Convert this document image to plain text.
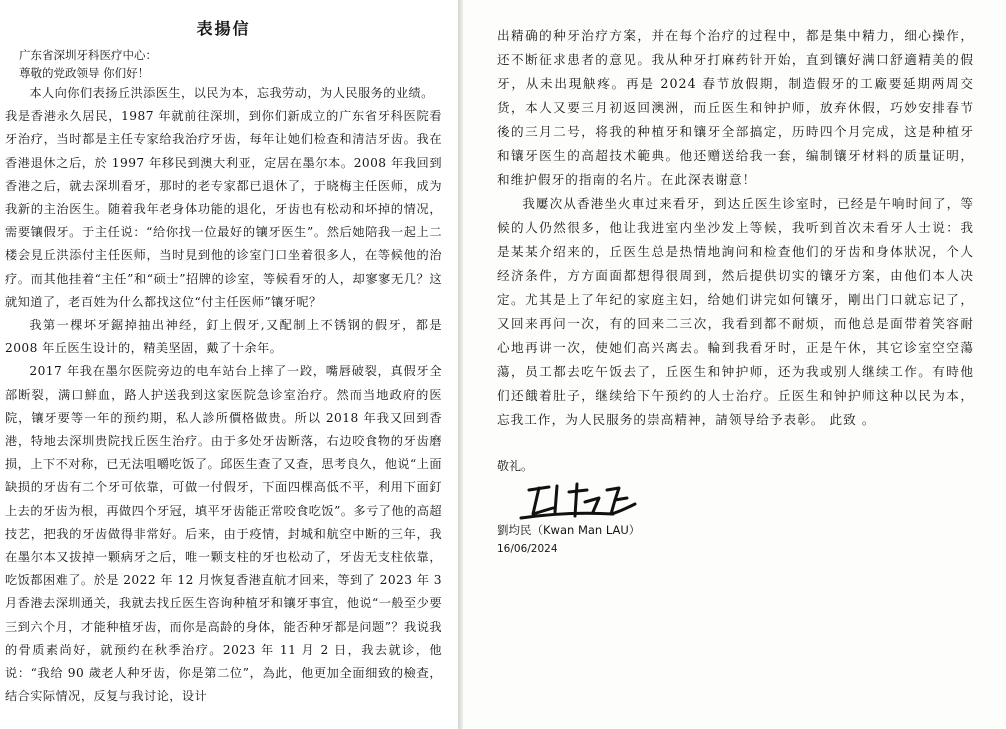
表揚信
广东省深圳牙科医疗中心：
尊敬的党政领导 你们好！

本人向你们表扬丘洪添医生，以民为本，忘我劳动，为人民服务的业绩。

我是香港永久居民，1987 年就前往深圳，到你们新成立的广东省牙科医院看牙治疗，当时都是主任专家给我治疗牙齿，每年让她们检查和清洁牙齿。我在香港退休之后，於 1997 年移民到澳大利亚，定居在墨尔本。2008 年我回到香港之后，就去深圳看牙，那时的老专家都已退休了，于晓梅主任医师，成为我新的主治医生。随着我年老身体功能的退化，牙齿也有松动和坏掉的情况，需要镶假牙。于主任说：“给你找一位最好的镶牙医生”。然后她陪我一起上二楼会見丘洪添付主任医师，当时見到他的诊室门口坐着很多人，在等候他的治疗。而其他挂着“主任”和“硕士”招牌的诊室，等候看牙的人，却寥寥无几？这就知道了，老百姓为什么都找这位“付主任医师”镶牙呢？

我第一棵坏牙鋸掉抽出神经，釘上假牙,又配制上不锈钢的假牙，都是 2008 年丘医生设计的，精美坚固，戴了十余年。

2017 年我在墨尔医院旁边的电车站台上摔了一跤，嘴唇破裂，真假牙全部断裂，满口鮮血，路人护送我到这家医院急诊室治疗。然而当地政府的医院，镶牙要等一年的预约期，私人診所價格做贵。所以 2018 年我又回到香港，特地去深圳贵院找丘医生治疗。由于多处牙齿断落，右边咬食物的牙齿磨损，上下不对称，已无法咀嚼吃饭了。邱医生查了又查，思考良久，他说“上面缺损的牙齿有二个牙可依靠，可做一付假牙，下面四棵高低不平，利用下面釘上去的牙齿为根，再做四个牙冠，填平牙齿能正常咬食吃饭”。多亏了他的高超技艺，把我的牙齿做得非常好。后来，由于疫情，封城和航空中断的三年，我在墨尔本又拔掉一颗病牙之后，唯一颗支柱的牙也松动了，牙齿无支柱依靠，吃饭都困难了。於是 2022 年 12 月恢复香港直航才回来，等到了 2023 年 3 月香港去深圳通关，我就去找丘医生咨询种植牙和镶牙事宜，他说“一般至少要三到六个月，才能种植牙齿，而你是高龄的身体，能否种牙都是问题”？我说我的骨质素尚好，就预约在秋季治疗。2023 年 11 月 2 日，我去就诊，他说：“我给 90 歲老人种牙齿，你是第二位”，為此，他更加全面细致的檢查，结合实际情况，反复与我讨论，设计

出精确的种牙治疗方案，并在每个治疗的过程中，都是集中精力，细心操作，还不断征求患者的意见。我从种牙打麻药针开始，直到镶好满口舒適精美的假牙，从未出現觖疼。再是 2024 春节放假期，制造假牙的工廠要延期两周交货，本人又要三月初返回澳洲，而丘医生和钟护师，放弃休假，巧妙安排春节後的三月二号，将我的种植牙和镶牙全部搞定，历時四个月完成，这是种植牙和镶牙医生的高超技术範典。他还赠送给我一套，编制镶牙材料的质量证明，和维护假牙的指南的名片。在此深表谢意！

我屢次从香港坐火車过来看牙，到达丘医生诊室时，已经是午响时间了，等候的人仍然很多，他让我进室内坐沙发上等候，我听到首次未看牙人士说：我是某某介绍来的，丘医生总是热情地詢问和检查他们的牙齿和身体狀况，个人经济条件，方方面面都想得很周到，然后提供切实的镶牙方案，由他们本人决定。尤其是上了年纪的家庭主妇，给她们讲完如何镶牙，剛出门口就忘记了，又回来再问一次，有的回来二三次，我看到都不耐烦，而他总是面带着笑容耐心地再讲一次，使她们高兴离去。輪到我看牙时，正是午休，其它诊室空空蕩蕩，员工都去吃午饭去了，丘医生和钟护师，还为我或别人继续工作。有時他们还餓着肚子，继续给下午预约的人士治疗。丘医生和钟护师这种以民为本，忘我工作，为人民服务的崇高精神，請领导给予表彰。 此致 。

敬礼。
劉均民（Kwan Man LAU）
16/06/2024
